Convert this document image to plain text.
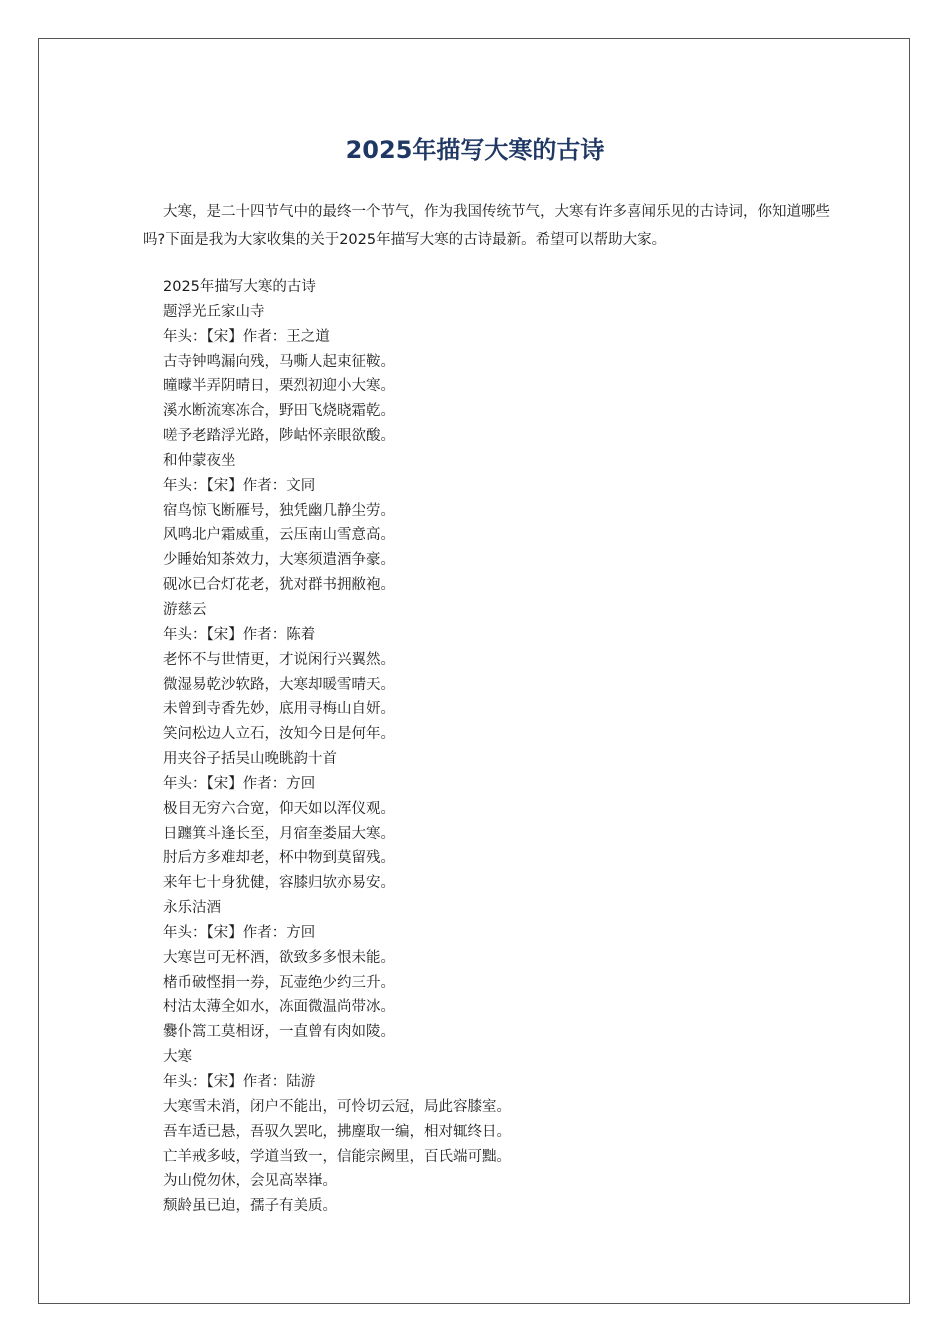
2025年描写大寒的古诗

大寒，是二十四节气中的最终一个节气，作为我国传统节气，大寒有许多喜闻乐见的古诗词，你知道哪些吗?下面是我为大家收集的关于2025年描写大寒的古诗最新。希望可以帮助大家。

2025年描写大寒的古诗
题浮光丘家山寺
年头：【宋】作者：王之道
古寺钟鸣漏向残，马嘶人起束征鞍。
曈曚半弄阴晴日，栗烈初迎小大寒。
溪水断流寒冻合，野田飞烧晓霜乾。
嗟予老踏浮光路，陟岵怀亲眼欲酸。
和仲蒙夜坐
年头：【宋】作者：文同
宿鸟惊飞断雁号，独凭幽几静尘劳。
风鸣北户霜威重，云压南山雪意高。
少睡始知茶效力，大寒须遣酒争豪。
砚冰已合灯花老，犹对群书拥敝袍。
游慈云
年头：【宋】作者：陈着
老怀不与世情更，才说闲行兴翼然。
微湿易乾沙软路，大寒却暖雪晴天。
未曾到寺香先妙，底用寻梅山自妍。
笑问松边人立石，汝知今日是何年。
用夹谷子括吴山晚眺韵十首
年头：【宋】作者：方回
极目无穷六合宽，仰天如以浑仪观。
日躔箕斗逢长至，月宿奎娄届大寒。
肘后方多难却老，杯中物到莫留残。
来年七十身犹健，容膝归欤亦易安。
永乐沽酒
年头：【宋】作者：方回
大寒岂可无杯酒，欲致多多恨未能。
楮币破悭捐一券，瓦壶绝少约三升。
村沽太薄全如水，冻面微温尚带冰。
爨仆篙工莫相讶，一直曾有肉如陵。
大寒
年头：【宋】作者：陆游
大寒雪未消，闭户不能出，可怜切云冠，局此容膝室。
吾车适已悬，吾驭久罢叱，拂麈取一编，相对辄终日。
亡羊戒多岐，学道当致一，信能宗阙里，百氏端可黜。
为山傥勿休，会见高崒嵂。
颓龄虽已迫，孺子有美质。
